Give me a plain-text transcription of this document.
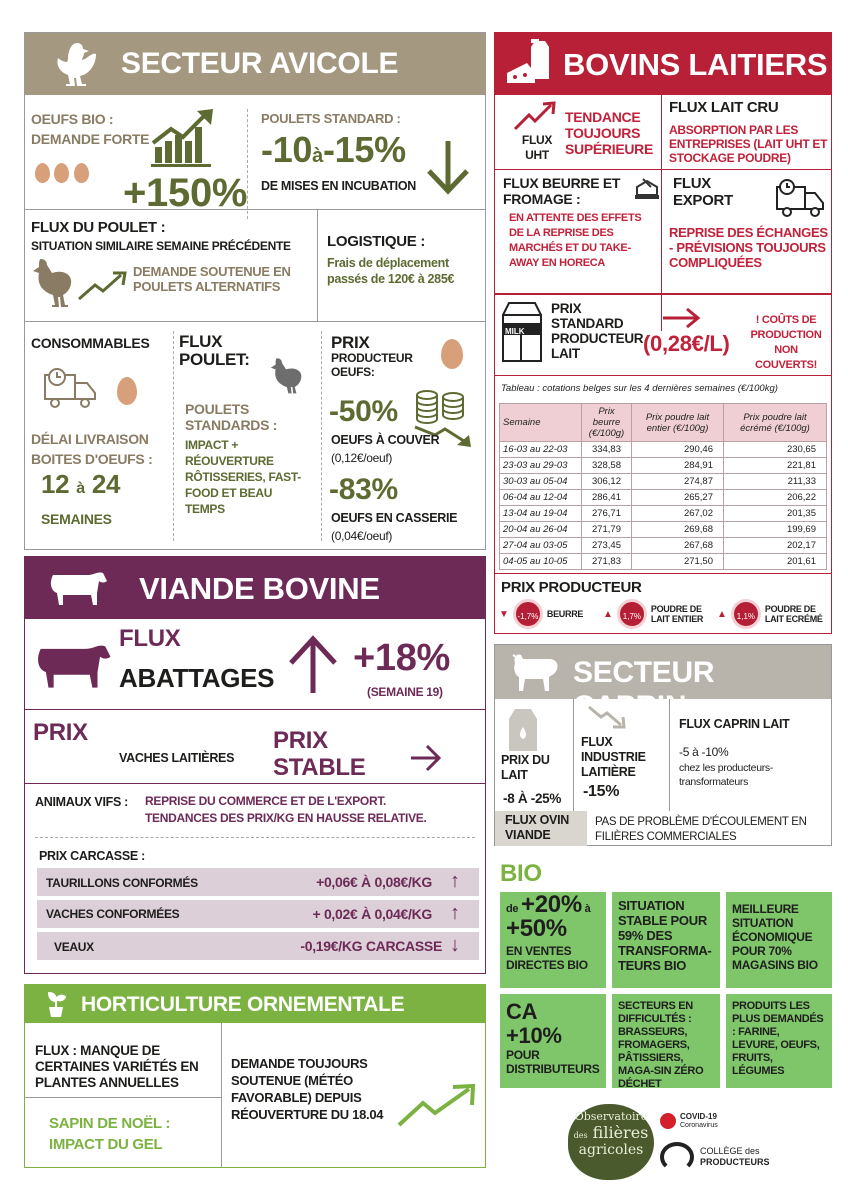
SECTEUR AVICOLE
OEUFS BIO :
DEMANDE FORTE

+150%
POULETS STANDARD :
-10à-15%
DE MISES EN INCUBATION
FLUX DU POULET :
SITUATION SIMILAIRE SEMAINE PRÉCÉDENTE
DEMANDE SOUTENUE EN POULETS ALTERNATIFS
LOGISTIQUE :
Frais de déplacement passés de 120€ à 285€
CONSOMMABLES
DÉLAI LIVRAISON BOITES D'OEUFS :
12 à 24
SEMAINES
FLUX POULET:
POULETS STANDARDS :
IMPACT + RÉOUVERTURE RÔTISSERIES, FAST-FOOD ET BEAU TEMPS
PRIX
PRODUCTEUR OEUFS:
-50%
OEUFS À COUVER
(0,12€/oeuf)
-83%
OEUFS EN CASSERIE
(0,04€/oeuf)
BOVINS LAITIERS
FLUX UHT
TENDANCE TOUJOURS SUPÉRIEURE
FLUX LAIT CRU
ABSORPTION PAR LES ENTREPRISES (LAIT UHT ET STOCKAGE POUDRE)
FLUX BEURRE ET FROMAGE :
EN ATTENTE DES EFFETS DE LA REPRISE DES MARCHÉS ET DU TAKE-AWAY EN HORECA
FLUX EXPORT
REPRISE DES ÉCHANGES - PRÉVISIONS TOUJOURS COMPLIQUÉES
MILK
PRIX STANDARD PRODUCTEUR LAIT	(0,28€/L)
! COÛTS DE PRODUCTION NON COUVERTS!
Tableau : cotations belges sur les 4 dernières semaines (€/100kg)
Semaine	Prix beurre (€/100g)	Prix poudre lait entier (€/100g)	Prix poudre lait écrémé (€/100g)
16-03 au 22-03	334,83	290,46	230,65
23-03 au 29-03	328,58	284,91	221,81
30-03 au 05-04	306,12	274,87	211,33
06-04 au 12-04	286,41	265,27	206,22
13-04 au 19-04	276,71	267,02	201,35
20-04 au 26-04	271,79	269,68	199,69
27-04 au 03-05	273,45	267,68	202,17
04-05 au 10-05	271,83	271,50	201,61
PRIX PRODUCTEUR
▼	-1,7% BEURRE ▲	1,7%
POUDRE DE LAIT ENTIER	▲	1,1%
POUDRE DE LAIT ECRÉMÉ
VIANDE BOVINE
FLUX
ABATTAGES +18%
(SEMAINE 19)
PRIX
VACHES LAITIÈRES
PRIX STABLE
ANIMAUX VIFS : REPRISE DU COMMERCE ET DE L'EXPORT. TENDANCES DES PRIX/KG EN HAUSSE RELATIVE.
PRIX CARCASSE :
TAURILLONS CONFORMÉS	+0,06€ À 0,08€/KG ↑
VACHES CONFORMÉES	+ 0,02€ À 0,04€/KG ↑
VEAUX	-0,19€/KG CARCASSE ↓
SECTEUR CAPRIN
PRIX DU LAIT
-8 À -25%
FLUX INDUSTRIE LAITIÈRE
-15%
FLUX CAPRIN LAIT
-5 à -10%
chez les producteurs-transformateurs
FLUX OVIN VIANDE
PAS DE PROBLÈME D'ÉCOULEMENT EN FILIÈRES COMMERCIALES
BIO
de +20% à
+50%
EN VENTES DIRECTES BIO
SITUATION STABLE POUR 59% DES TRANSFORMA-TEURS BIO
MEILLEURE SITUATION ÉCONOMIQUE POUR 70% MAGASINS BIO
CA
+10%
POUR DISTRIBUTEURS
SECTEURS EN DIFFICULTÉS : BRASSEURS, FROMAGERS, PÂTISSIERS, MAGA-SIN ZÉRO DÉCHET
PRODUITS LES PLUS DEMANDÉS : FARINE, LEVURE, OEUFS, FRUITS, LÉGUMES
HORTICULTURE ORNEMENTALE
FLUX : MANQUE DE CERTAINES VARIÉTÉS EN PLANTES ANNUELLES
SAPIN DE NOËL : IMPACT DU GEL
DEMANDE TOUJOURS SOUTENUE (MÉTÉO FAVORABLE) DEPUIS RÉOUVERTURE DU 18.04	Observatoire
des filières
agricoles
COVID-19
Coronavirus
COLLÈGE des
PRODUCTEURS
